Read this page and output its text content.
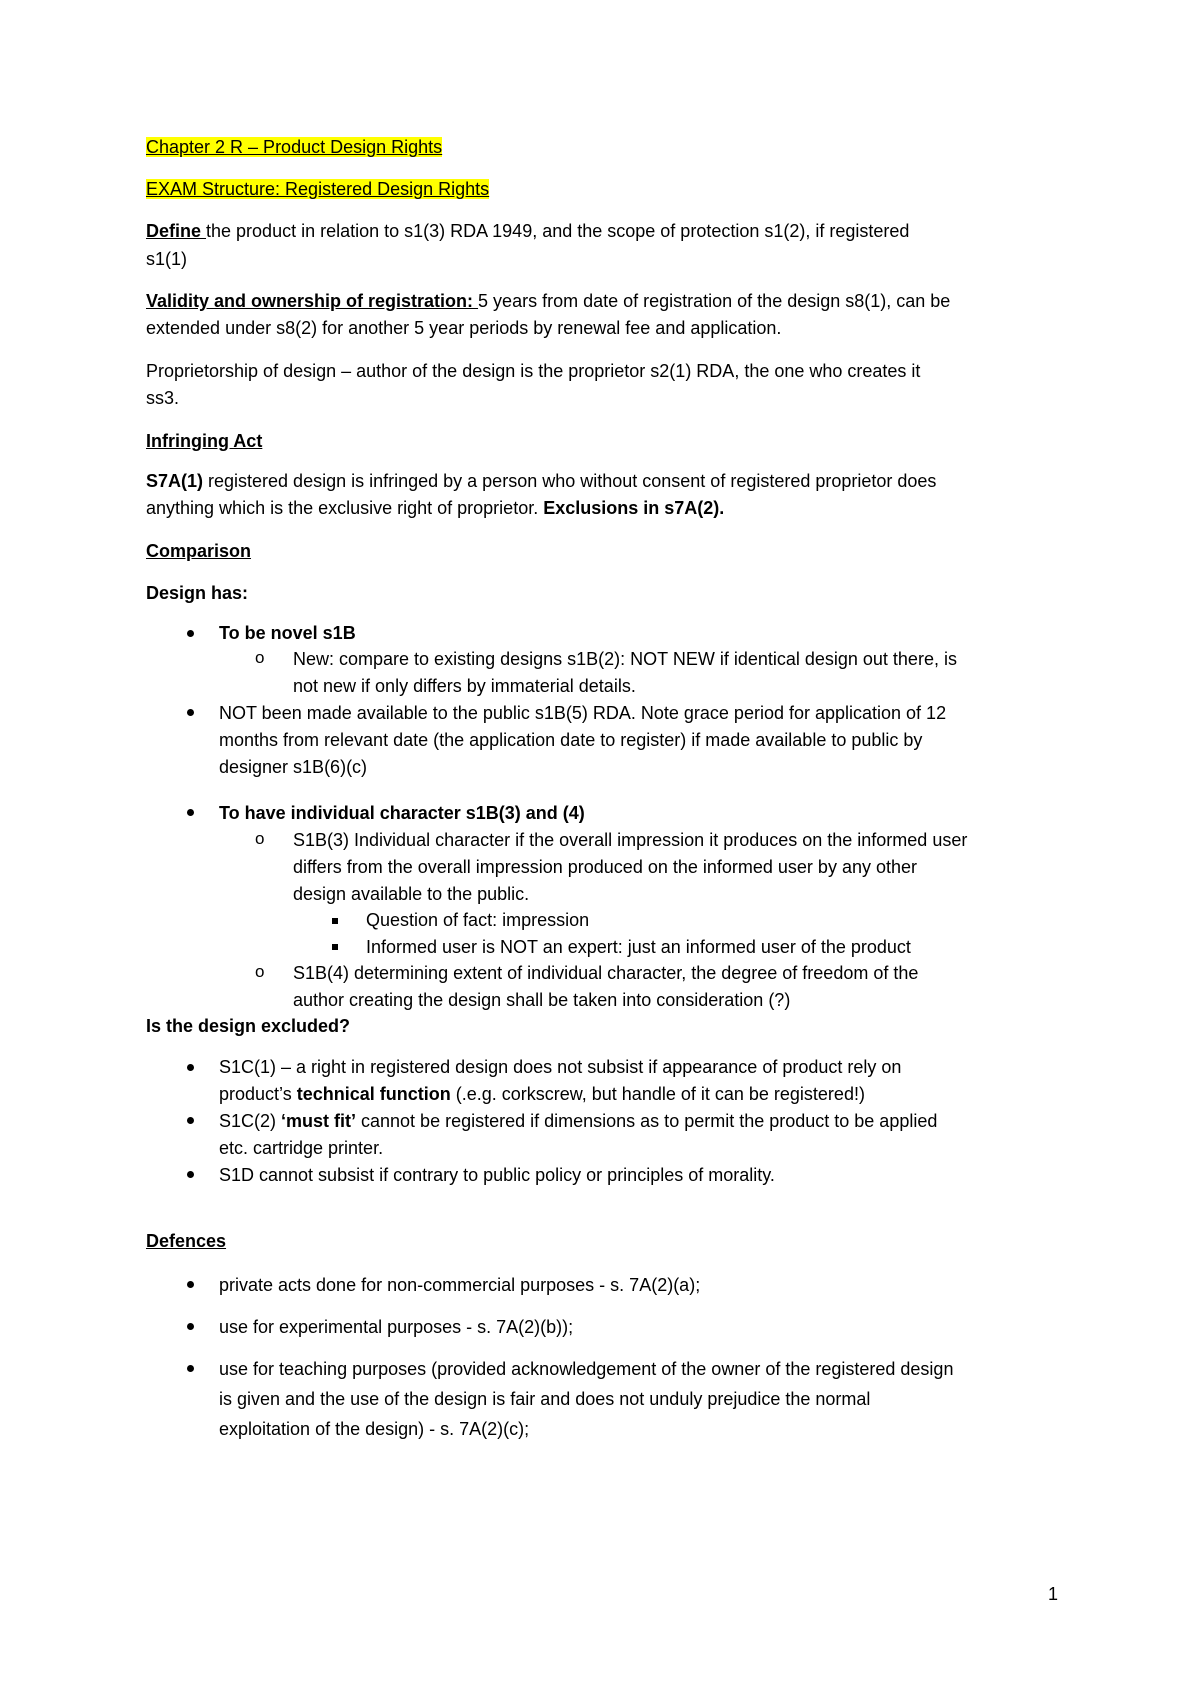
Chapter 2 R – Product Design Rights

EXAM Structure: Registered Design Rights

Define the product in relation to s1(3) RDA 1949, and the scope of protection s1(2), if registered

s1(1)

Validity and ownership of registration: 5 years from date of registration of the design s8(1), can be

extended under s8(2) for another 5 year periods by renewal fee and application.

Proprietorship of design – author of the design is the proprietor s2(1) RDA, the one who creates it

ss3.

Infringing Act

S7A(1) registered design is infringed by a person who without consent of registered proprietor does

anything which is the exclusive right of proprietor. Exclusions in s7A(2).

Comparison

Design has:

To be novel s1B

o New: compare to existing designs s1B(2): NOT NEW if identical design out there, is

not new if only differs by immaterial details.

NOT been made available to the public s1B(5) RDA. Note grace period for application of 12

months from relevant date (the application date to register) if made available to public by

designer s1B(6)(c)

To have individual character s1B(3) and (4)

o S1B(3) Individual character if the overall impression it produces on the informed user

differs from the overall impression produced on the informed user by any other

design available to the public.

Question of fact: impression

Informed user is NOT an expert: just an informed user of the product

o S1B(4) determining extent of individual character, the degree of freedom of the

author creating the design shall be taken into consideration (?)

Is the design excluded?

S1C(1) – a right in registered design does not subsist if appearance of product rely on

product’s technical function (.e.g. corkscrew, but handle of it can be registered!)

S1C(2) ‘must fit’ cannot be registered if dimensions as to permit the product to be applied

etc. cartridge printer.

S1D cannot subsist if contrary to public policy or principles of morality.

Defences

private acts done for non-commercial purposes - s. 7A(2)(a);

use for experimental purposes - s. 7A(2)(b));

use for teaching purposes (provided acknowledgement of the owner of the registered design

is given and the use of the design is fair and does not unduly prejudice the normal

exploitation of the design) - s. 7A(2)(c);

1
